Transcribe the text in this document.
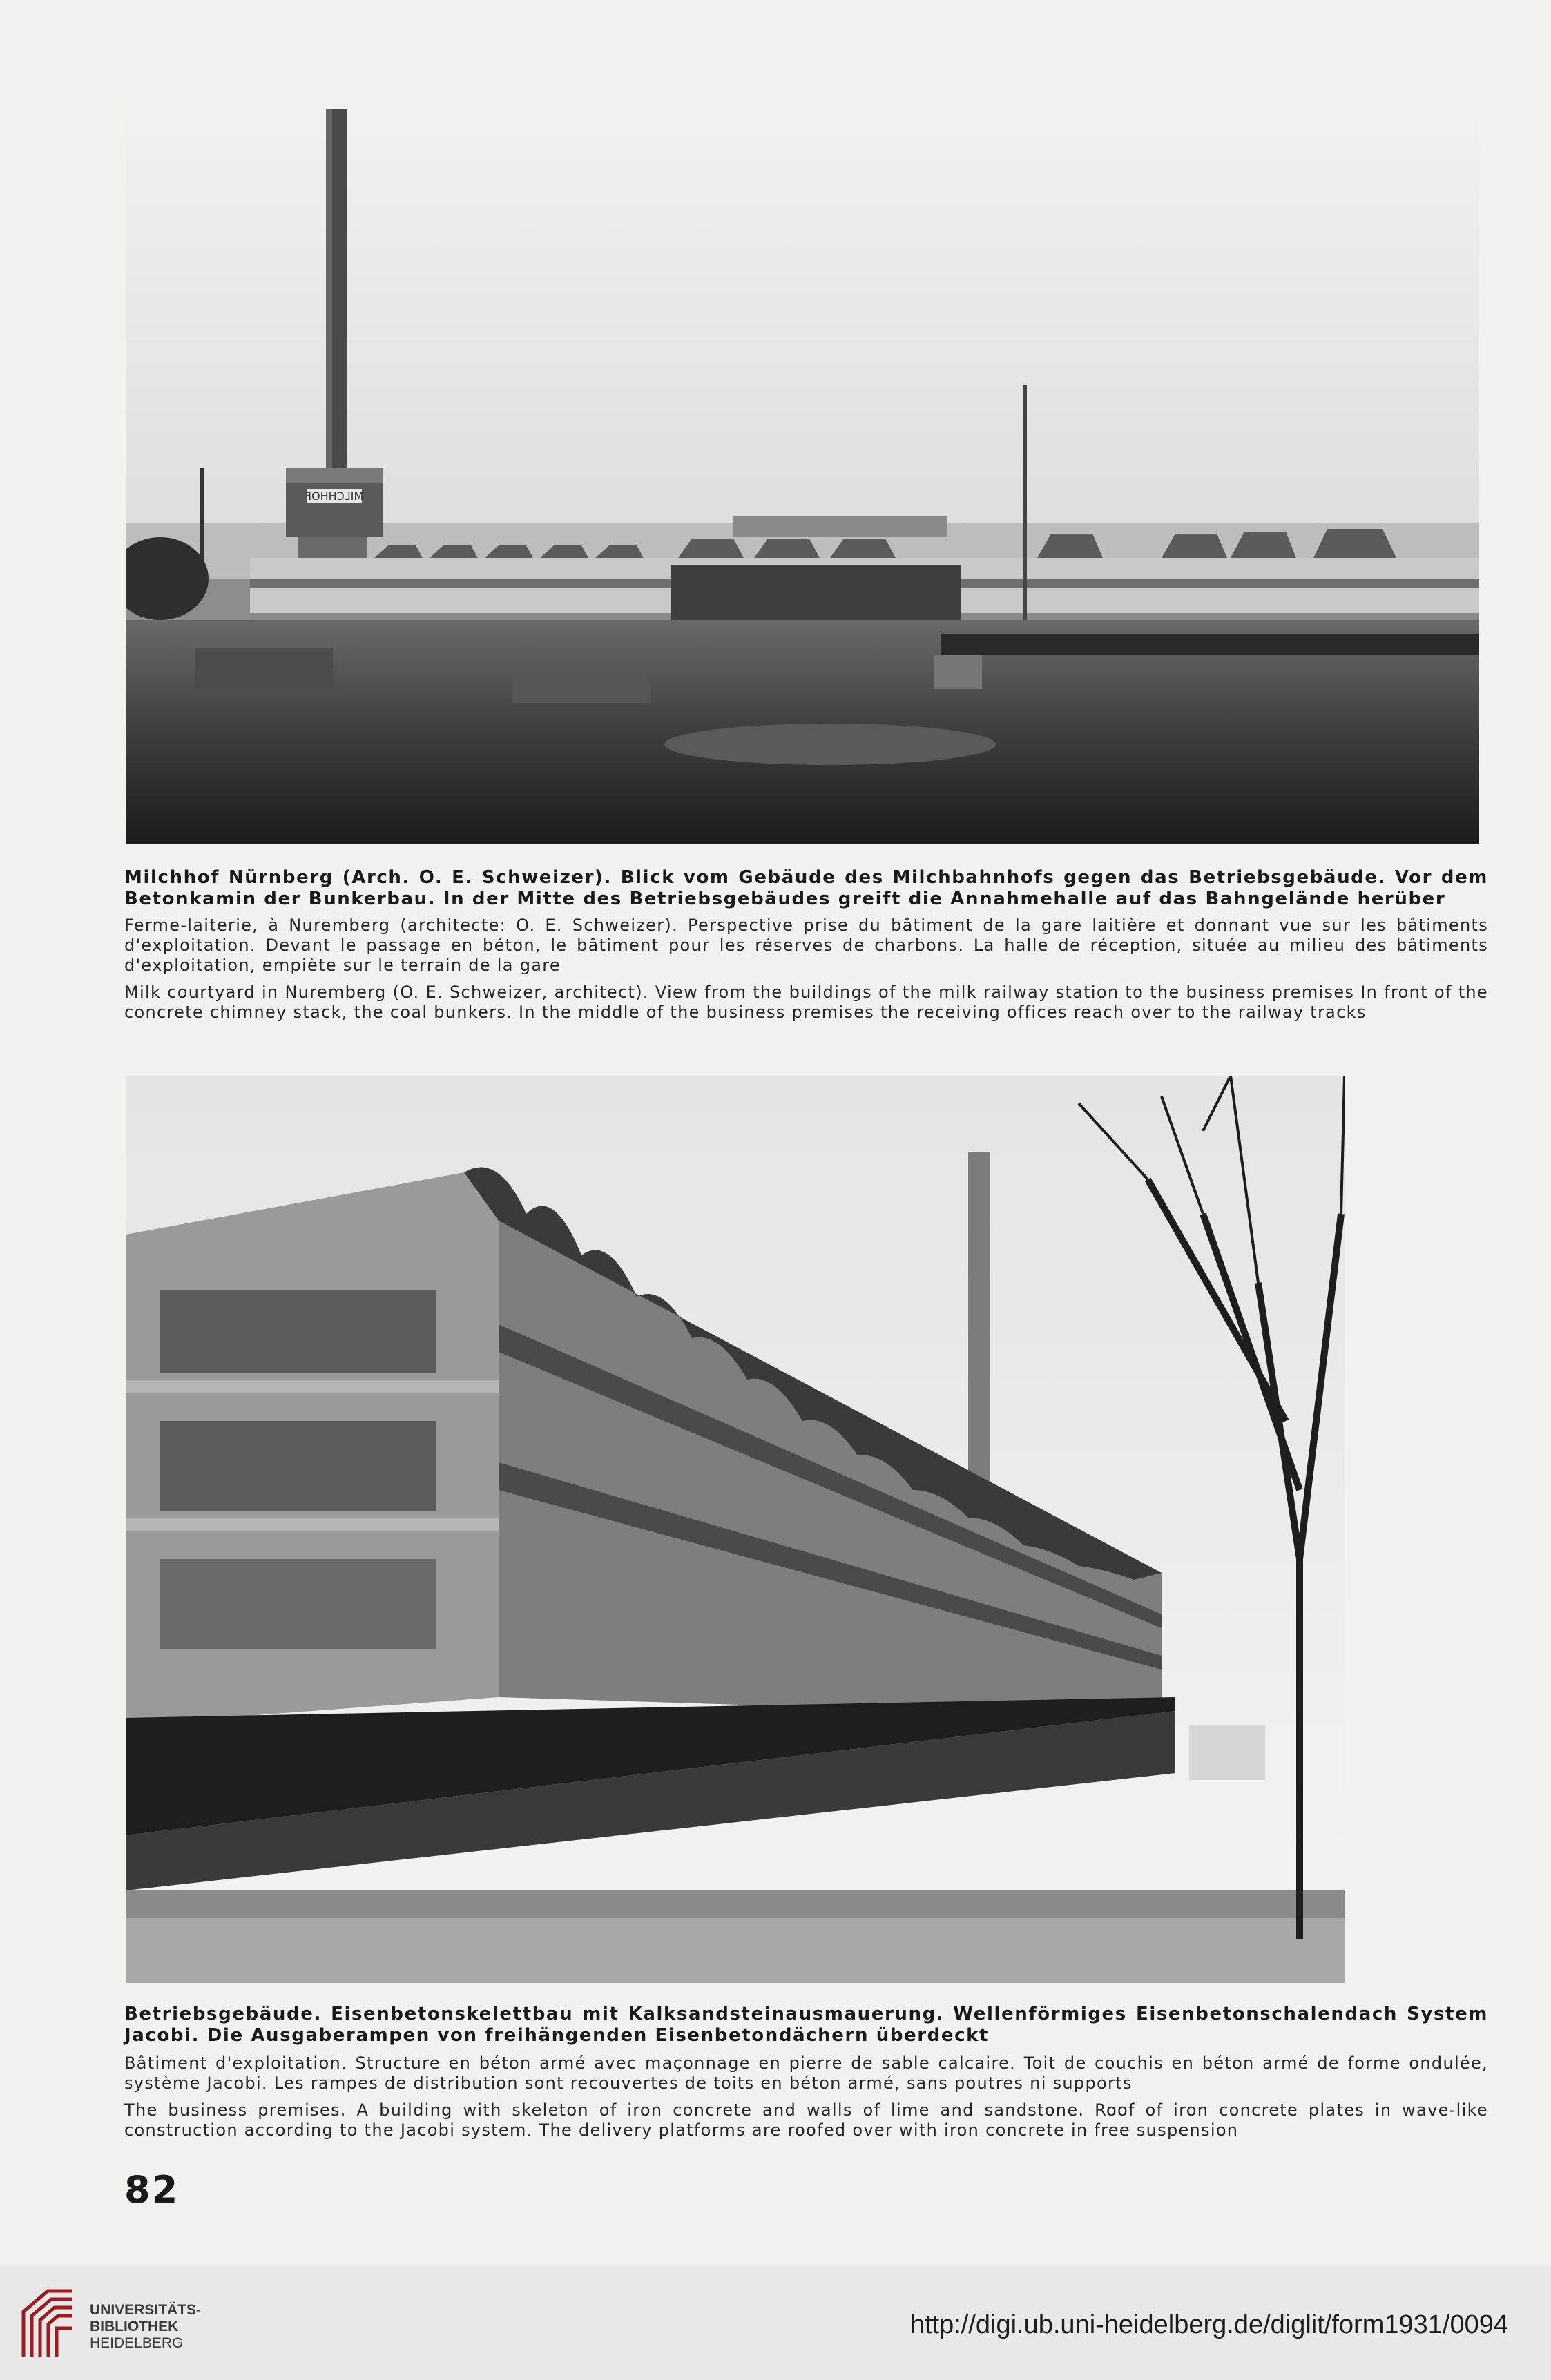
MILCHHOF

Milchhof Nürnberg (Arch. O. E. Schweizer). Blick vom Gebäude des Milchbahnhofs gegen das Betriebsgebäude. Vor dem Betonkamin der Bunkerbau. In der Mitte des Betriebsgebäudes greift die Annahmehalle auf das Bahngelände herüber

Ferme-laiterie, à Nuremberg (architecte: O. E. Schweizer). Perspective prise du bâtiment de la gare laitière et donnant vue sur les bâtiments d'exploitation. Devant le passage en béton, le bâtiment pour les réserves de charbons. La halle de réception, située au milieu des bâtiments d'exploitation, empiète sur le terrain de la gare

Milk courtyard in Nuremberg (O. E. Schweizer, architect). View from the buildings of the milk railway station to the business premises In front of the concrete chimney stack, the coal bunkers. In the middle of the business premises the receiving offices reach over to the railway tracks

Betriebsgebäude. Eisenbetonskelettbau mit Kalksandsteinausmauerung. Wellenförmiges Eisenbetonschalendach System Jacobi. Die Ausgaberampen von freihängenden Eisenbetondächern überdeckt

Bâtiment d'exploitation. Structure en béton armé avec maçonnage en pierre de sable calcaire. Toit de couchis en béton armé de forme ondulée, système Jacobi. Les rampes de distribution sont recouvertes de toits en béton armé, sans poutres ni supports

The business premises. A building with skeleton of iron concrete and walls of lime and sandstone. Roof of iron concrete plates in wave-like construction according to the Jacobi system. The delivery platforms are roofed over with iron concrete in free suspension

82
UNIVERSITÄTS-
BIBLIOTHEK
HEIDELBERG
http://digi.ub.uni-heidelberg.de/diglit/form1931/0094
